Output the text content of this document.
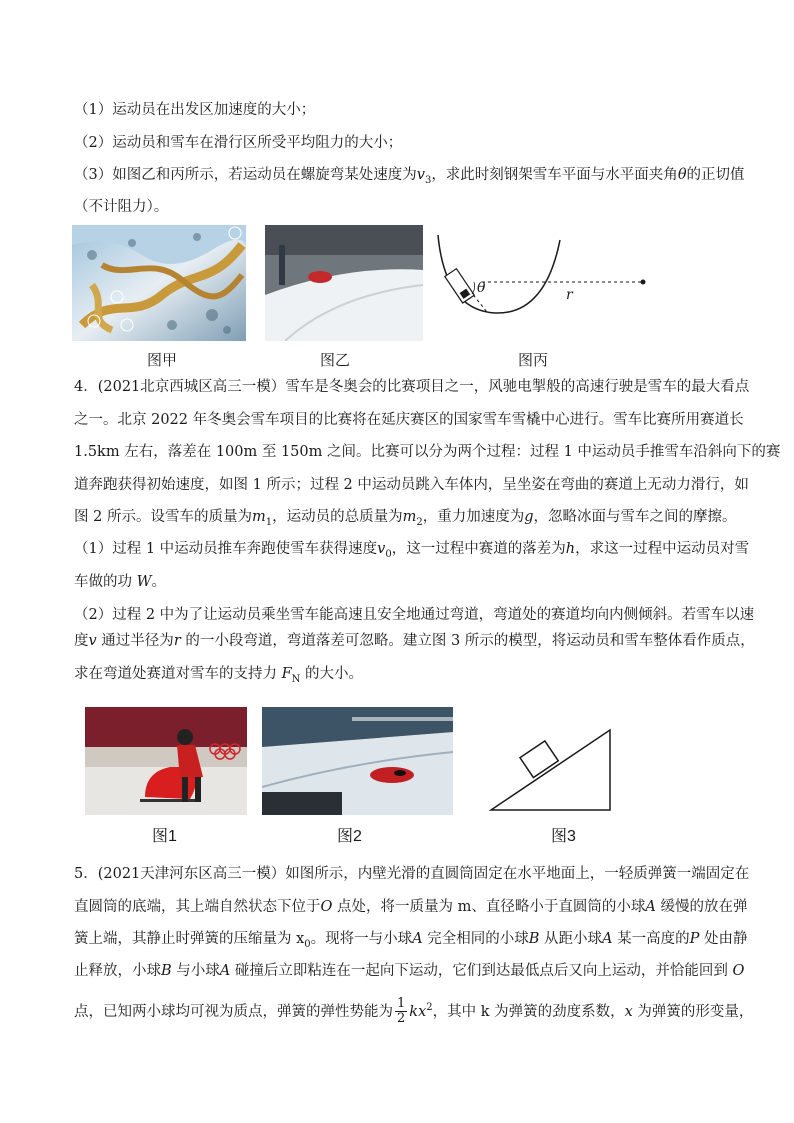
（1）运动员在出发区加速度的大小；
（2）运动员和雪车在滑行区所受平均阻力的大小；
（3）如图乙和丙所示，若运动员在螺旋弯某处速度为$v_3$，求此时刻钢架雪车平面与水平面夹角θ的正切值
（不计阻力）。
图甲	图乙
r
θ
图丙
4．(2021北京西城区高三一模）雪车是冬奥会的比赛项目之一，风驰电掣般的高速行驶是雪车的最大看点
之一。北京 2022 年冬奥会雪车项目的比赛将在延庆赛区的国家雪车雪橇中心进行。雪车比赛所用赛道长
1.5km 左右，落差在 100m 至 150m 之间。比赛可以分为两个过程：过程 1 中运动员手推雪车沿斜向下的赛
道奔跑获得初始速度，如图 1 所示；过程 2 中运动员跳入车体内，呈坐姿在弯曲的赛道上无动力滑行，如
图 2 所示。设雪车的质量为$m_1$，运动员的总质量为$m_2$，重力加速度为g，忽略冰面与雪车之间的摩擦。
（1）过程 1 中运动员推车奔跑使雪车获得速度$v_0$，这一过程中赛道的落差为h，求这一过程中运动员对雪
车做的功 W。
（2）过程 2 中为了让运动员乘坐雪车能高速且安全地通过弯道，弯道处的赛道均向内侧倾斜。若雪车以速
度v 通过半径为r 的一小段弯道，弯道落差可忽略。建立图 3 所示的模型，将运动员和雪车整体看作质点，
求在弯道处赛道对雪车的支持力 $F_N$ 的大小。
图1	图2	图3
5．(2021天津河东区高三一模）如图所示，内壁光滑的直圆筒固定在水平地面上，一轻质弹簧一端固定在
直圆筒的底端，其上端自然状态下位于O 点处，将一质量为 m、直径略小于直圆筒的小球A 缓慢的放在弹
簧上端，其静止时弹簧的压缩量为 $x_0$。现将一与小球A 完全相同的小球B 从距小球A 某一高度的P 处由静
止释放，小球B 与小球A 碰撞后立即粘连在一起向下运动，它们到达最低点后又向上运动，并恰能回到 O
点，已知两小球均可视为质点，弹簧的弹性势能为 $\frac{1}{2} kx^2$，其中 k 为弹簧的劲度系数，x 为弹簧的形变量，
